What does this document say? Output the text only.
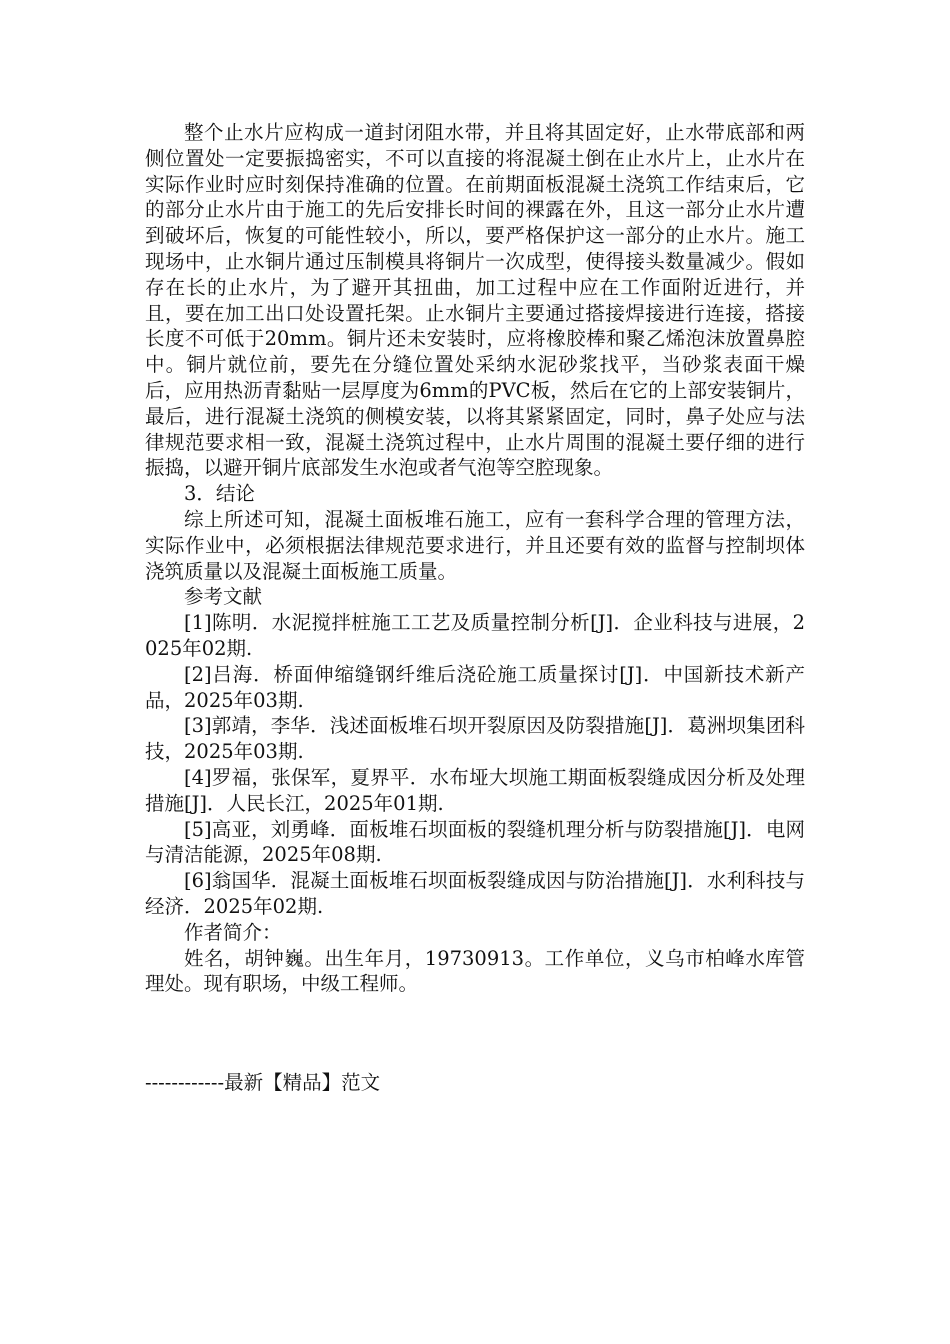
整个止水片应构成一道封闭阻水带，并且将其固定好，止水带底部和两侧位置处一定要振捣密实，不可以直接的将混凝土倒在止水片上，止水片在实际作业时应时刻保持准确的位置。在前期面板混凝土浇筑工作结束后，它的部分止水片由于施工的先后安排长时间的裸露在外，且这一部分止水片遭到破坏后，恢复的可能性较小，所以，要严格保护这一部分的止水片。施工现场中，止水铜片通过压制模具将铜片一次成型，使得接头数量减少。假如存在长的止水片，为了避开其扭曲，加工过程中应在工作面附近进行，并且，要在加工出口处设置托架。止水铜片主要通过搭接焊接进行连接，搭接长度不可低于20mm。铜片还未安装时，应将橡胶棒和聚乙烯泡沫放置鼻腔中。铜片就位前，要先在分缝位置处采纳水泥砂浆找平，当砂浆表面干燥后，应用热沥青黏贴一层厚度为6mm的PVC板，然后在它的上部安装铜片，最后，进行混凝土浇筑的侧模安装，以将其紧紧固定，同时，鼻子处应与法律规范要求相一致，混凝土浇筑过程中，止水片周围的混凝土要仔细的进行振捣，以避开铜片底部发生水泡或者气泡等空腔现象。

3．结论

综上所述可知，混凝土面板堆石施工，应有一套科学合理的管理方法，实际作业中，必须根据法律规范要求进行，并且还要有效的监督与控制坝体浇筑质量以及混凝土面板施工质量。

参考文献

[1]陈明．水泥搅拌桩施工工艺及质量控制分析[J]．企业科技与进展，2025年02期.

[2]吕海．桥面伸缩缝钢纤维后浇砼施工质量探讨[J]．中国新技术新产品，2025年03期.

[3]郭靖，李华．浅述面板堆石坝开裂原因及防裂措施[J]．葛洲坝集团科技，2025年03期.

[4]罗福，张保军，夏界平．水布垭大坝施工期面板裂缝成因分析及处理措施[J]．人民长江，2025年01期.

[5]高亚，刘勇峰．面板堆石坝面板的裂缝机理分析与防裂措施[J]．电网与清洁能源，2025年08期.

[6]翁国华．混凝土面板堆石坝面板裂缝成因与防治措施[J]．水利科技与经济．2025年02期.

作者简介：

姓名，胡钟巍。出生年月，19730913。工作单位，义乌市柏峰水库管理处。现有职场，中级工程师。

------------最新【精品】范文
